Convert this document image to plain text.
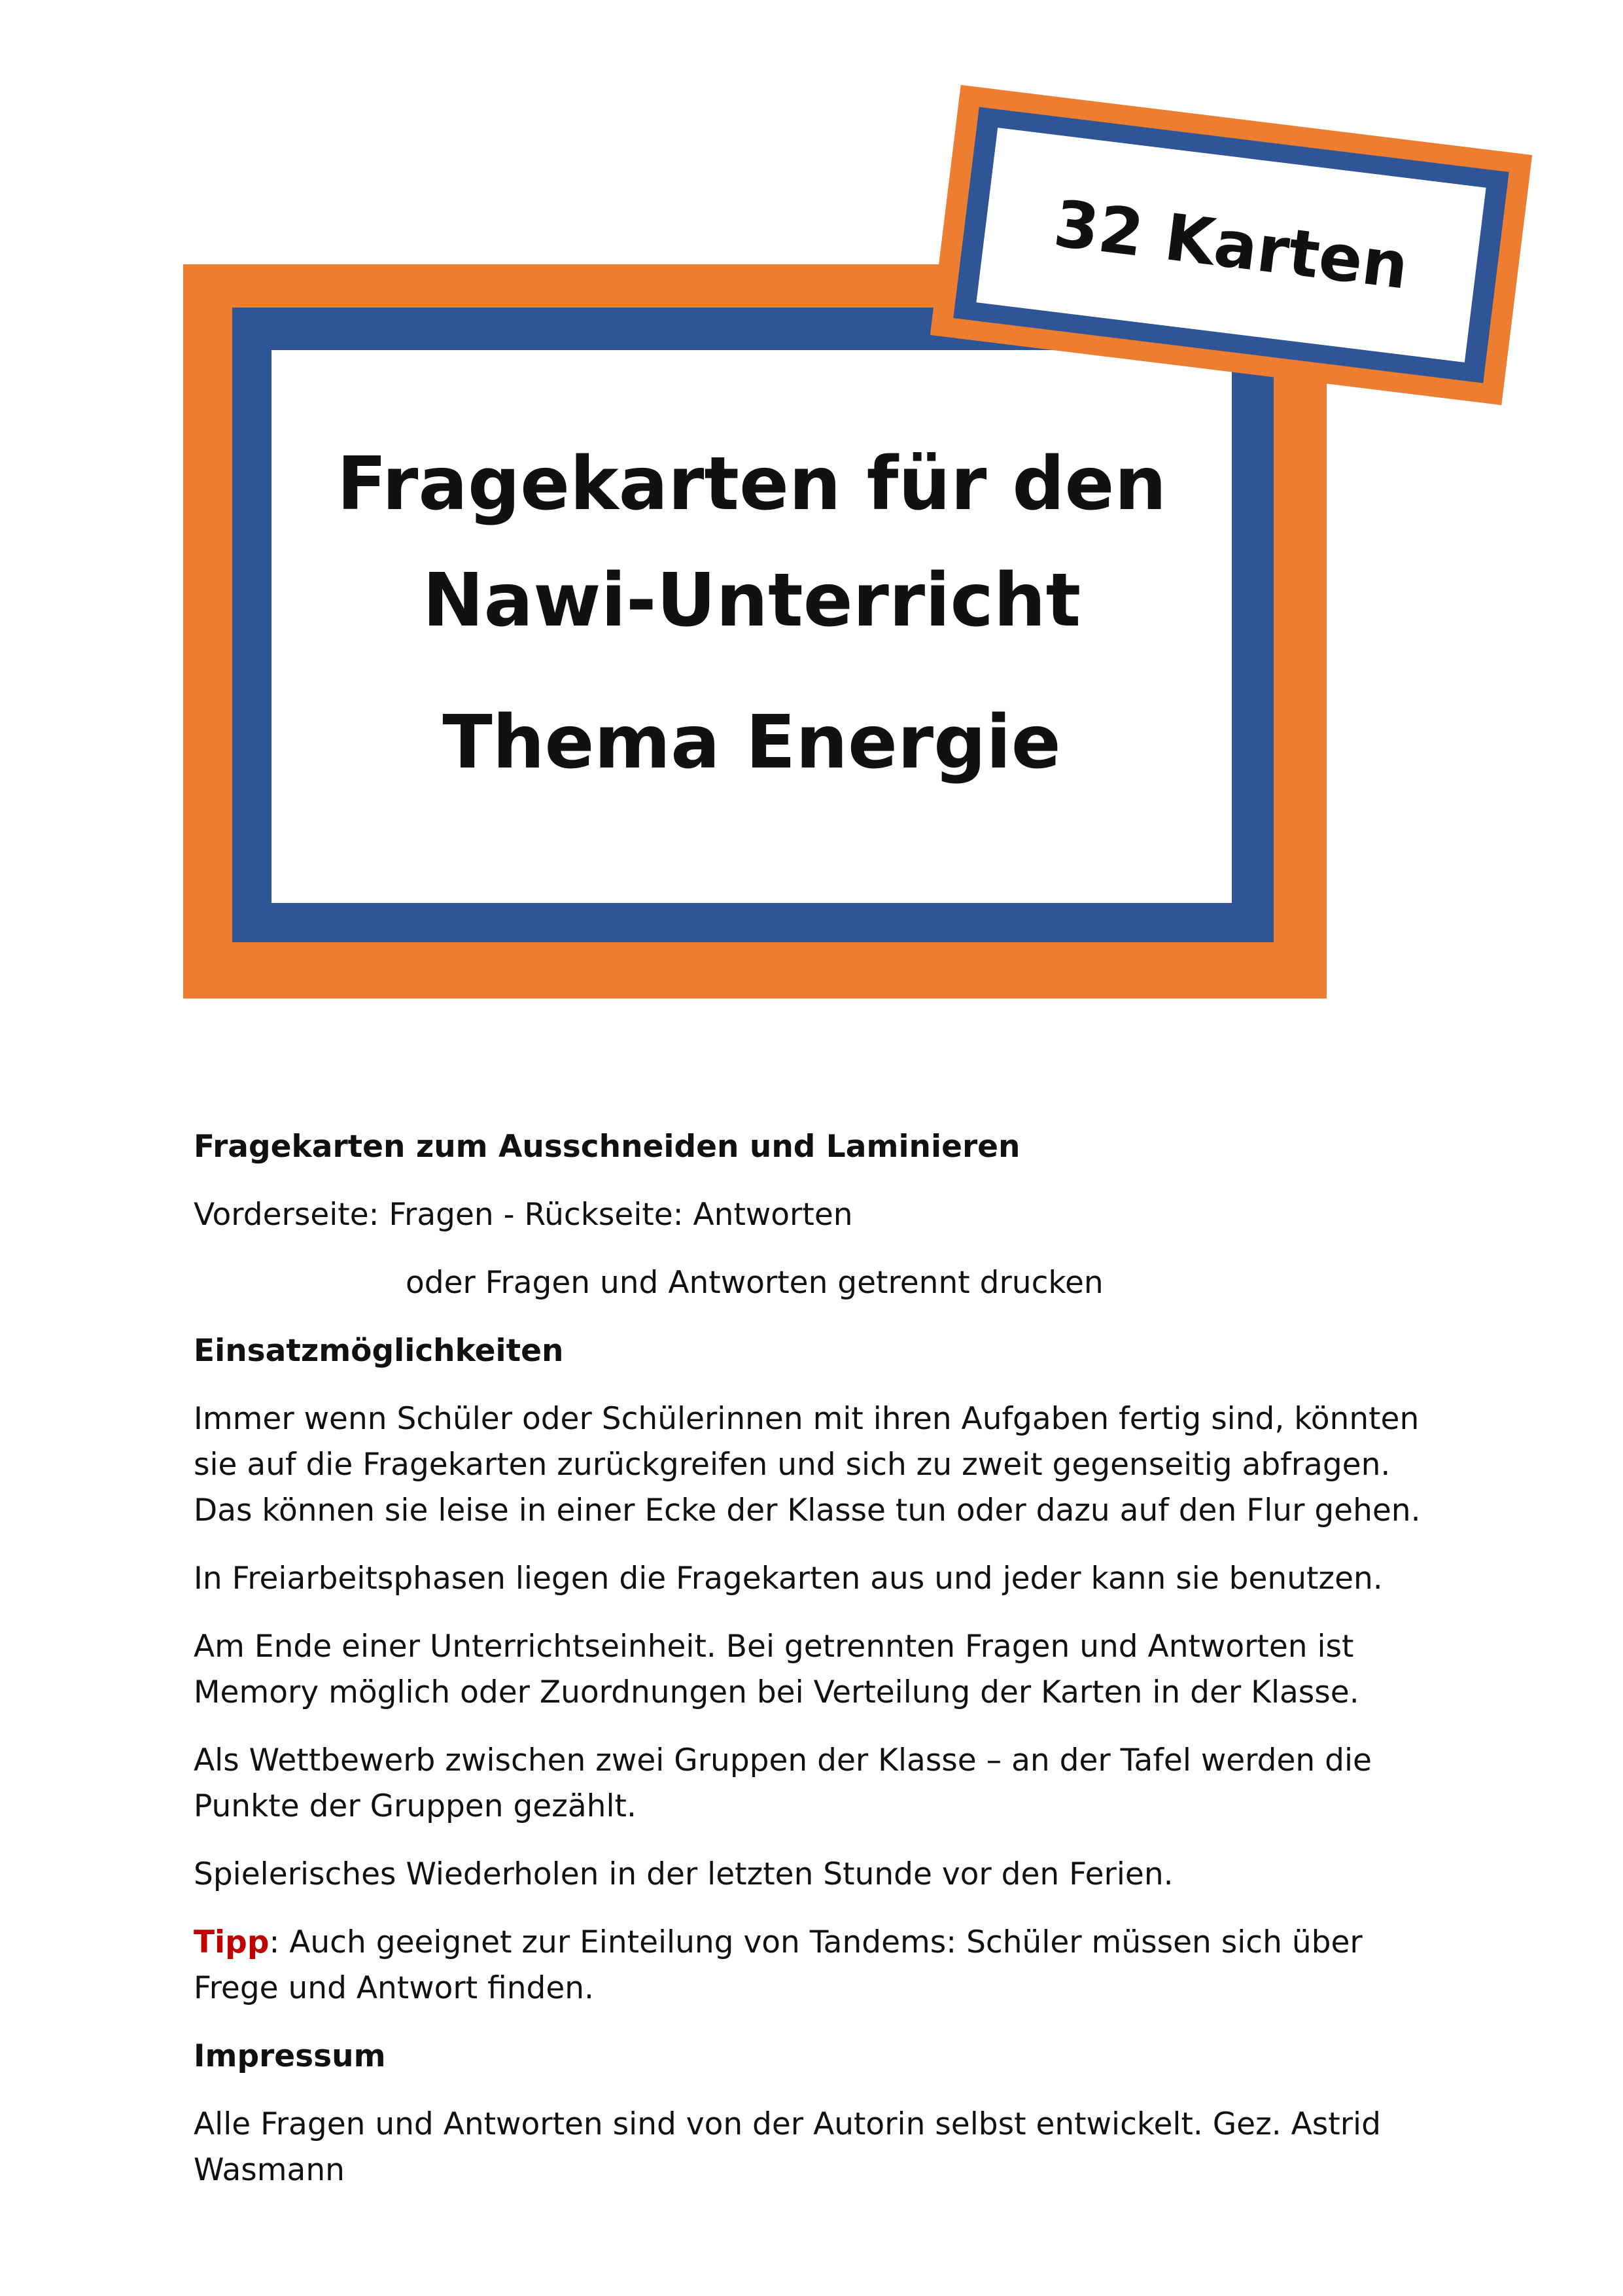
Fragekarten für den
Nawi-Unterricht
Thema Energie
32 Karten

Fragekarten zum Ausschneiden und Laminieren

Vorderseite: Fragen - Rückseite: Antworten

oder Fragen und Antworten getrennt drucken

Einsatzmöglichkeiten

Immer wenn Schüler oder Schülerinnen mit ihren Aufgaben fertig sind, könnten sie auf die Fragekarten zurückgreifen und sich zu zweit gegenseitig abfragen. Das können sie leise in einer Ecke der Klasse tun oder dazu auf den Flur gehen.

In Freiarbeitsphasen liegen die Fragekarten aus und jeder kann sie benutzen.

Am Ende einer Unterrichtseinheit. Bei getrennten Fragen und Antworten ist Memory möglich oder Zuordnungen bei Verteilung der Karten in der Klasse.

Als Wettbewerb zwischen zwei Gruppen der Klasse – an der Tafel werden die Punkte der Gruppen gezählt.

Spielerisches Wiederholen in der letzten Stunde vor den Ferien.

Tipp: Auch geeignet zur Einteilung von Tandems: Schüler müssen sich über Frege und Antwort finden.

Impressum

Alle Fragen und Antworten sind von der Autorin selbst entwickelt. Gez. Astrid Wasmann
